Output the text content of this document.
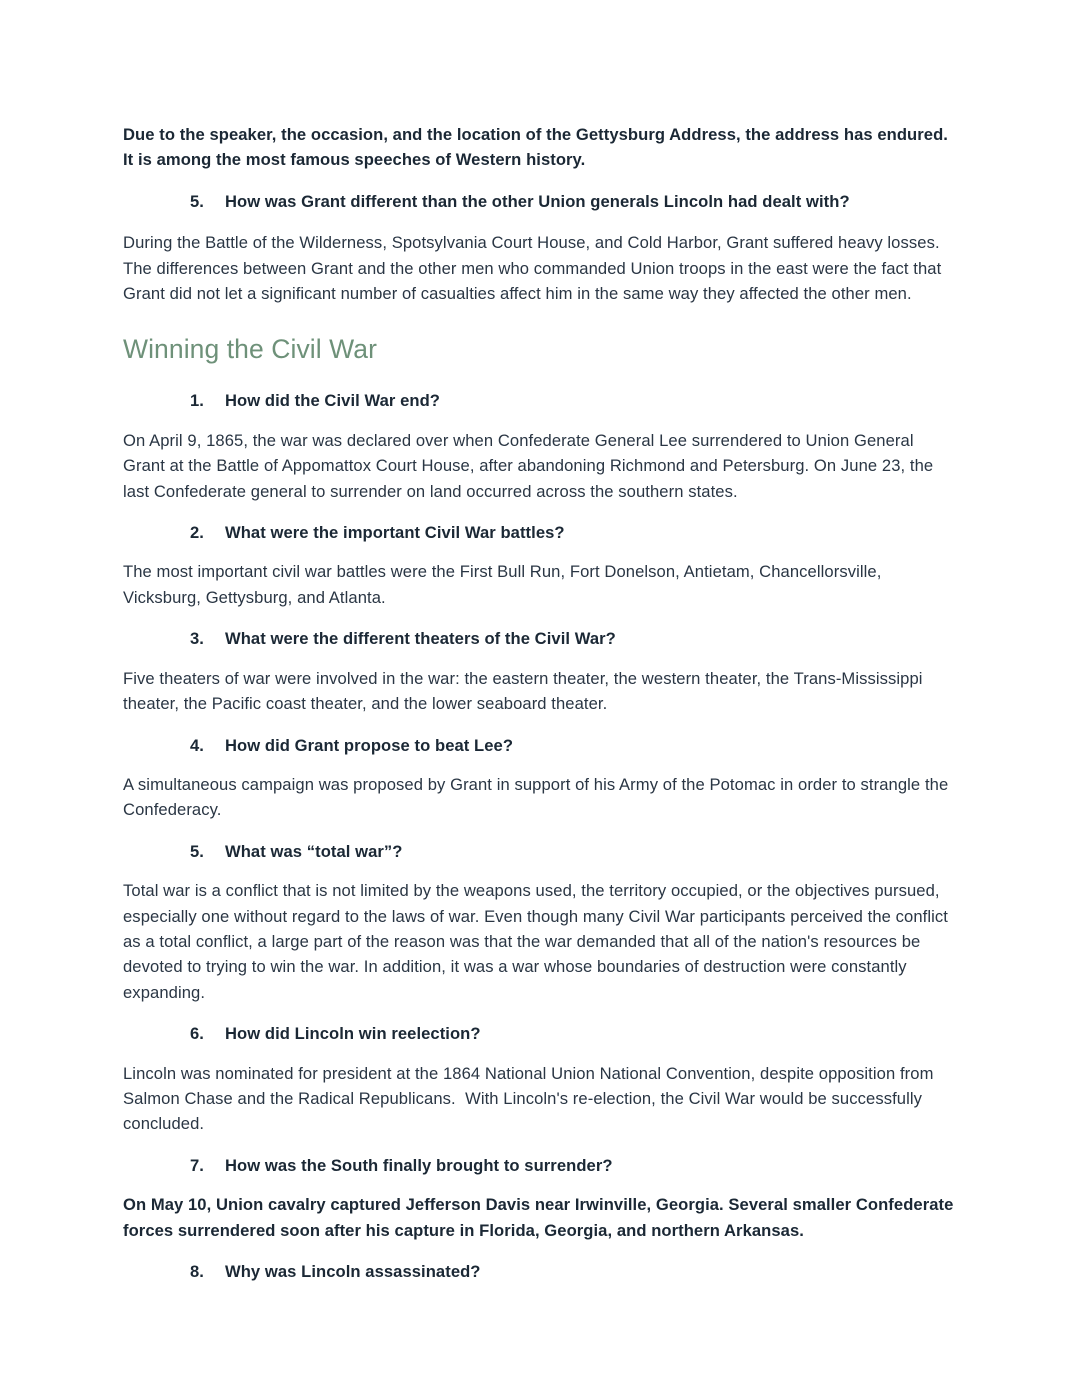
Due to the speaker, the occasion, and the location of the Gettysburg Address, the address has endured. It is among the most famous speeches of Western history.

5.	How was Grant different than the other Union generals Lincoln had dealt with?

During the Battle of the Wilderness, Spotsylvania Court House, and Cold Harbor, Grant suffered heavy losses. The differences between Grant and the other men who commanded Union troops in the east were the fact that Grant did not let a significant number of casualties affect him in the same way they affected the other men.

Winning the Civil War
1.	How did the Civil War end?

On April 9, 1865, the war was declared over when Confederate General Lee surrendered to Union General Grant at the Battle of Appomattox Court House, after abandoning Richmond and Petersburg. On June 23, the last Confederate general to surrender on land occurred across the southern states.

2.	What were the important Civil War battles?

The most important civil war battles were the First Bull Run, Fort Donelson, Antietam, Chancellorsville, Vicksburg, Gettysburg, and Atlanta.

3.	What were the different theaters of the Civil War?

Five theaters of war were involved in the war: the eastern theater, the western theater, the Trans-Mississippi theater, the Pacific coast theater, and the lower seaboard theater.

4.	How did Grant propose to beat Lee?

A simultaneous campaign was proposed by Grant in support of his Army of the Potomac in order to strangle the Confederacy.

5.	What was “total war”?

Total war is a conflict that is not limited by the weapons used, the territory occupied, or the objectives pursued, especially one without regard to the laws of war. Even though many Civil War participants perceived the conflict as a total conflict, a large part of the reason was that the war demanded that all of the nation's resources be devoted to trying to win the war. In addition, it was a war whose boundaries of destruction were constantly expanding.

6.	How did Lincoln win reelection?

Lincoln was nominated for president at the 1864 National Union National Convention, despite opposition from Salmon Chase and the Radical Republicans.  With Lincoln's re-election, the Civil War would be successfully concluded.

7.	How was the South finally brought to surrender?

On May 10, Union cavalry captured Jefferson Davis near Irwinville, Georgia. Several smaller Confederate forces surrendered soon after his capture in Florida, Georgia, and northern Arkansas.

8.	Why was Lincoln assassinated?
